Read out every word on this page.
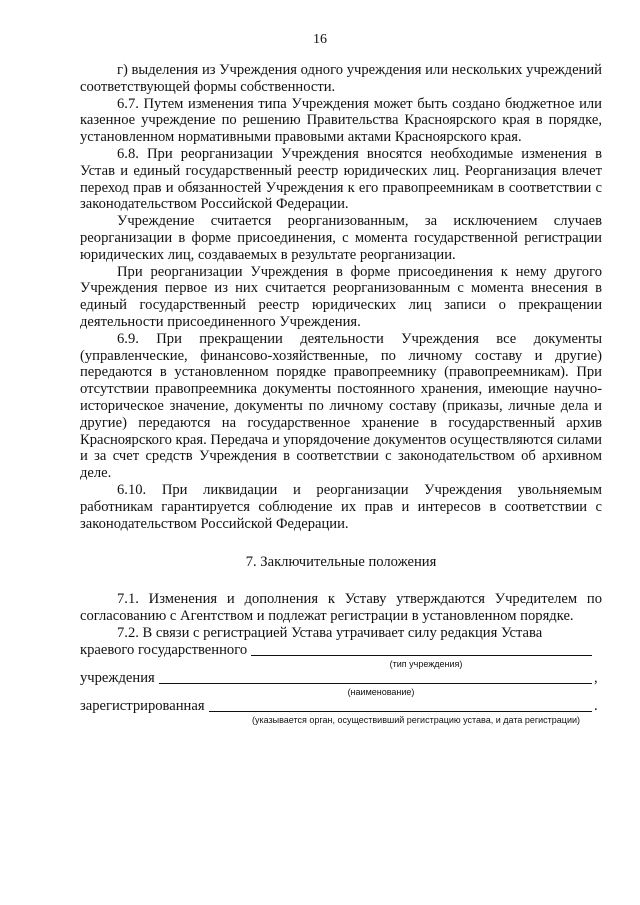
16

г) выделения из Учреждения одного учреждения или нескольких учреждений соответствующей формы собственности.

6.7. Путем изменения типа Учреждения может быть создано бюджетное или казенное учреждение по решению Правительства Красноярского края в порядке, установленном нормативными правовыми актами Красноярского края.

6.8. При реорганизации Учреждения вносятся необходимые изменения в Устав и единый государственный реестр юридических лиц. Реорганизация влечет переход прав и обязанностей Учреждения к его правопреемникам в соответствии с законодательством Российской Федерации.

Учреждение считается реорганизованным, за исключением случаев реорганизации в форме присоединения, с момента государственной регистрации юридических лиц, создаваемых в результате реорганизации.

При реорганизации Учреждения в форме присоединения к нему другого Учреждения первое из них считается реорганизованным с момента внесения в единый государственный реестр юридических лиц записи о прекращении деятельности присоединенного Учреждения.

6.9. При прекращении деятельности Учреждения все документы (управленческие, финансово-хозяйственные, по личному составу и другие) передаются в установленном порядке правопреемнику (правопреемникам). При отсутствии правопреемника документы постоянного хранения, имеющие научно-историческое значение, документы по личному составу (приказы, личные дела и другие) передаются на государственное хранение в государственный архив Красноярского края. Передача и упорядочение документов осуществляются силами и за счет средств Учреждения в соответствии с законодательством об архивном деле.

6.10. При ликвидации и реорганизации Учреждения увольняемым работникам гарантируется соблюдение их прав и интересов в соответствии с законодательством Российской Федерации.

7. Заключительные положения

7.1. Изменения и дополнения к Уставу утверждаются Учредителем по согласованию с Агентством и подлежат регистрации в установленном порядке.

7.2. В связи с регистрацией Устава утрачивает силу редакция Устава

краевого государственного
(тип учреждения)
учреждения	,
(наименование)
зарегистрированная	.
(указывается орган, осуществивший регистрацию устава, и дата регистрации)
